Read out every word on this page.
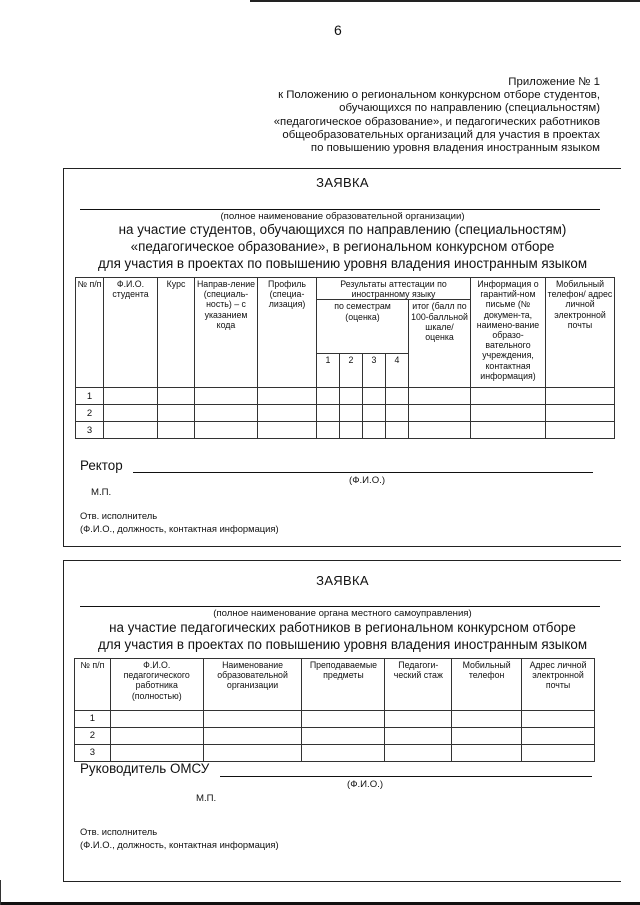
6
Приложение № 1
к Положению о региональном конкурсном отборе студентов,
обучающихся по направлению (специальностям)
«педагогическое образование», и педагогических работников
общеобразовательных организаций для участия в проектах
по повышению уровня владения иностранным языком
ЗАЯВКА
(полное наименование образовательной организации)
на участие студентов, обучающихся по направлению (специальностям)
«педагогическое образование», в региональном конкурсном отборе
для участия в проектах по повышению уровня владения иностранным языком
№ п/п	Ф.И.О. студента	Курс	Направ-ление (специаль-ность) – с указанием кода	Профиль (специа-лизация)	Результаты аттестации по иностранному языку					Информация о гарантий-ном письме (№ докумен-та, наимено-вание образо-вательного учреждения, контактная информация)	Мобильный телефон/ адрес личной электронной почты
					по семестрам (оценка)				итог (балл по 100-балльной шкале/ оценка		
					1	2	3	4			
1											
2											
3											
Ректор
(Ф.И.О.)
М.П.
Отв. исполнитель
(Ф.И.О., должность, контактная информация)
ЗАЯВКА
(полное наименование органа местного самоуправления)
на участие педагогических работников в региональном конкурсном отборе
для участия в проектах по повышению уровня владения иностранным языком
№ п/п	Ф.И.О. педагогического работника (полностью)	Наименование образовательной организации	Преподаваемые предметы	Педагоги-ческий стаж	Мобильный телефон	Адрес личной электронной почты
1						
2						
3						
Руководитель ОМСУ
(Ф.И.О.)
М.П.
Отв. исполнитель
(Ф.И.О., должность, контактная информация)
